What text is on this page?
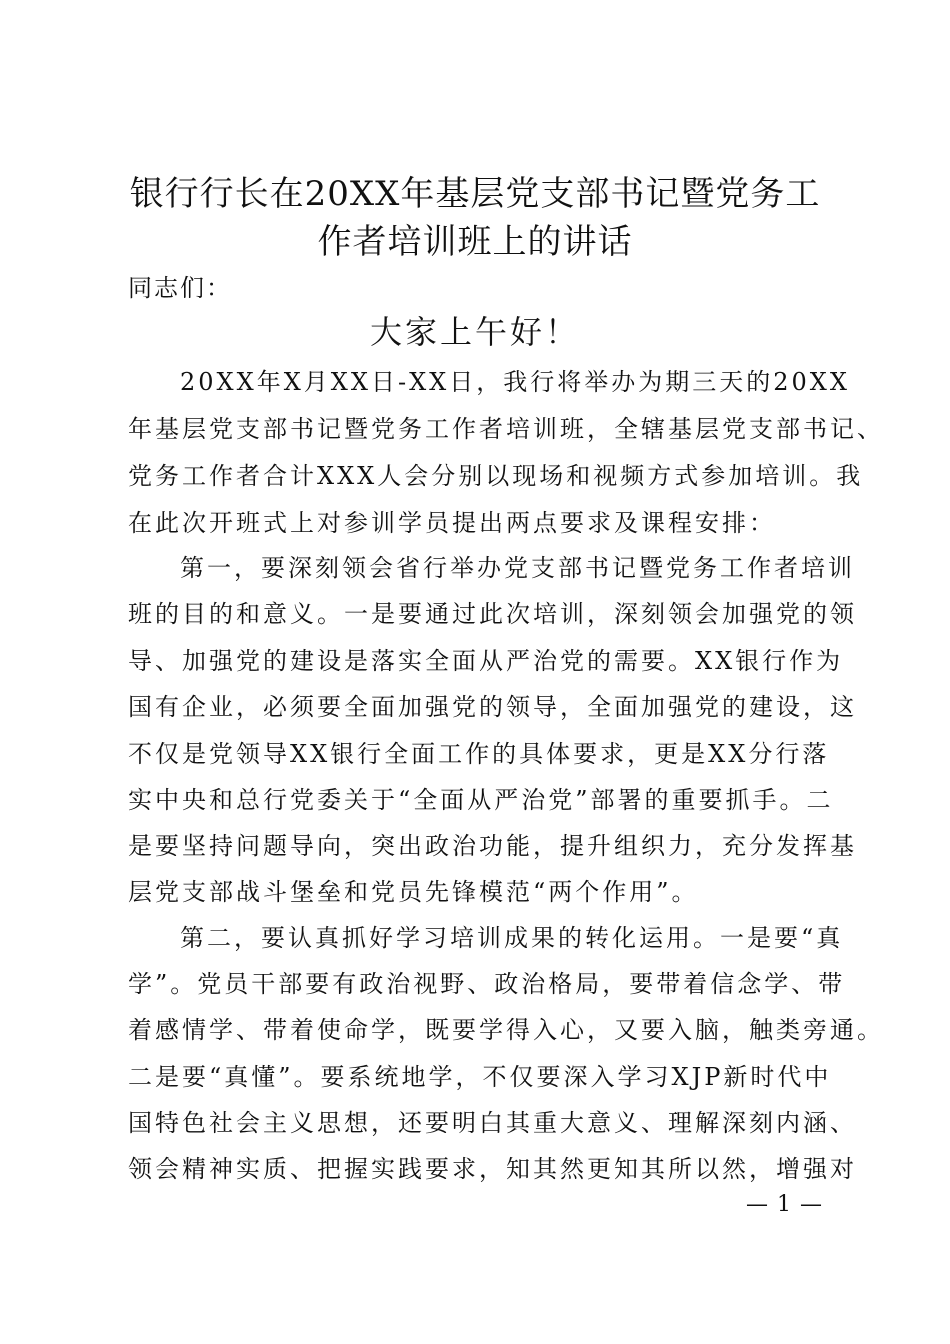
银行行长在20XX年基层党支部书记暨党务工
作者培训班上的讲话
同志们：
大家上午好！
20XX年X月XX日-XX日，我行将举办为期三天的20XX
年基层党支部书记暨党务工作者培训班，全辖基层党支部书记、
党务工作者合计XXX人会分别以现场和视频方式参加培训。我
在此次开班式上对参训学员提出两点要求及课程安排：
第一，要深刻领会省行举办党支部书记暨党务工作者培训
班的目的和意义。一是要通过此次培训，深刻领会加强党的领
导、加强党的建设是落实全面从严治党的需要。XX银行作为
国有企业，必须要全面加强党的领导，全面加强党的建设，这
不仅是党领导XX银行全面工作的具体要求，更是XX分行落
实中央和总行党委关于“全面从严治党”部署的重要抓手。二
是要坚持问题导向，突出政治功能，提升组织力，充分发挥基
层党支部战斗堡垒和党员先锋模范“两个作用”。
第二，要认真抓好学习培训成果的转化运用。一是要“真
学”。党员干部要有政治视野、政治格局，要带着信念学、带
着感情学、带着使命学，既要学得入心，又要入脑，触类旁通。
二是要“真懂”。要系统地学，不仅要深入学习XJP新时代中
国特色社会主义思想，还要明白其重大意义、理解深刻内涵、
领会精神实质、把握实践要求，知其然更知其所以然，增强对
— 1 —
